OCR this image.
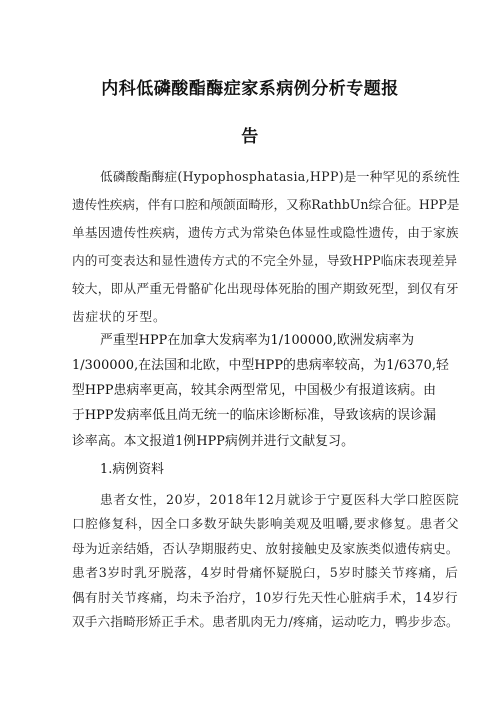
内科低磷酸酯酶症家系病例分析专题报
告
低磷酸酯酶症(Hypophosphatasia,HPP)是一种罕见的系统性
遗传性疾病，伴有口腔和颅颌面畸形，又称RathbUn综合征。HPP是
单基因遗传性疾病，遗传方式为常染色体显性或隐性遗传，由于家族
内的可变表达和显性遗传方式的不完全外显，导致HPP临床表现差异
较大，即从严重无骨骼矿化出现母体死胎的围产期致死型，到仅有牙
齿症状的牙型。
严重型HPP在加拿大发病率为1/100000,欧洲发病率为
1/300000,在法国和北欧，中型HPP的患病率较高，为1/6370,轻
型HPP患病率更高，较其余两型常见，中国极少有报道该病。由
于HPP发病率低且尚无统一的临床诊断标准，导致该病的误诊漏
诊率高。本文报道1例HPP病例并进行文献复习。
1.病例资料
患者女性，20岁，2018年12月就诊于宁夏医科大学口腔医院
口腔修复科，因全口多数牙缺失影响美观及咀嚼,要求修复。患者父
母为近亲结婚，否认孕期服药史、放射接触史及家族类似遗传病史。
患者3岁时乳牙脱落，4岁时骨痛怀疑脱臼，5岁时膝关节疼痛，后
偶有肘关节疼痛，均未予治疗，10岁行先天性心脏病手术，14岁行
双手六指畸形矫正手术。患者肌肉无力/疼痛，运动吃力，鸭步步态。
